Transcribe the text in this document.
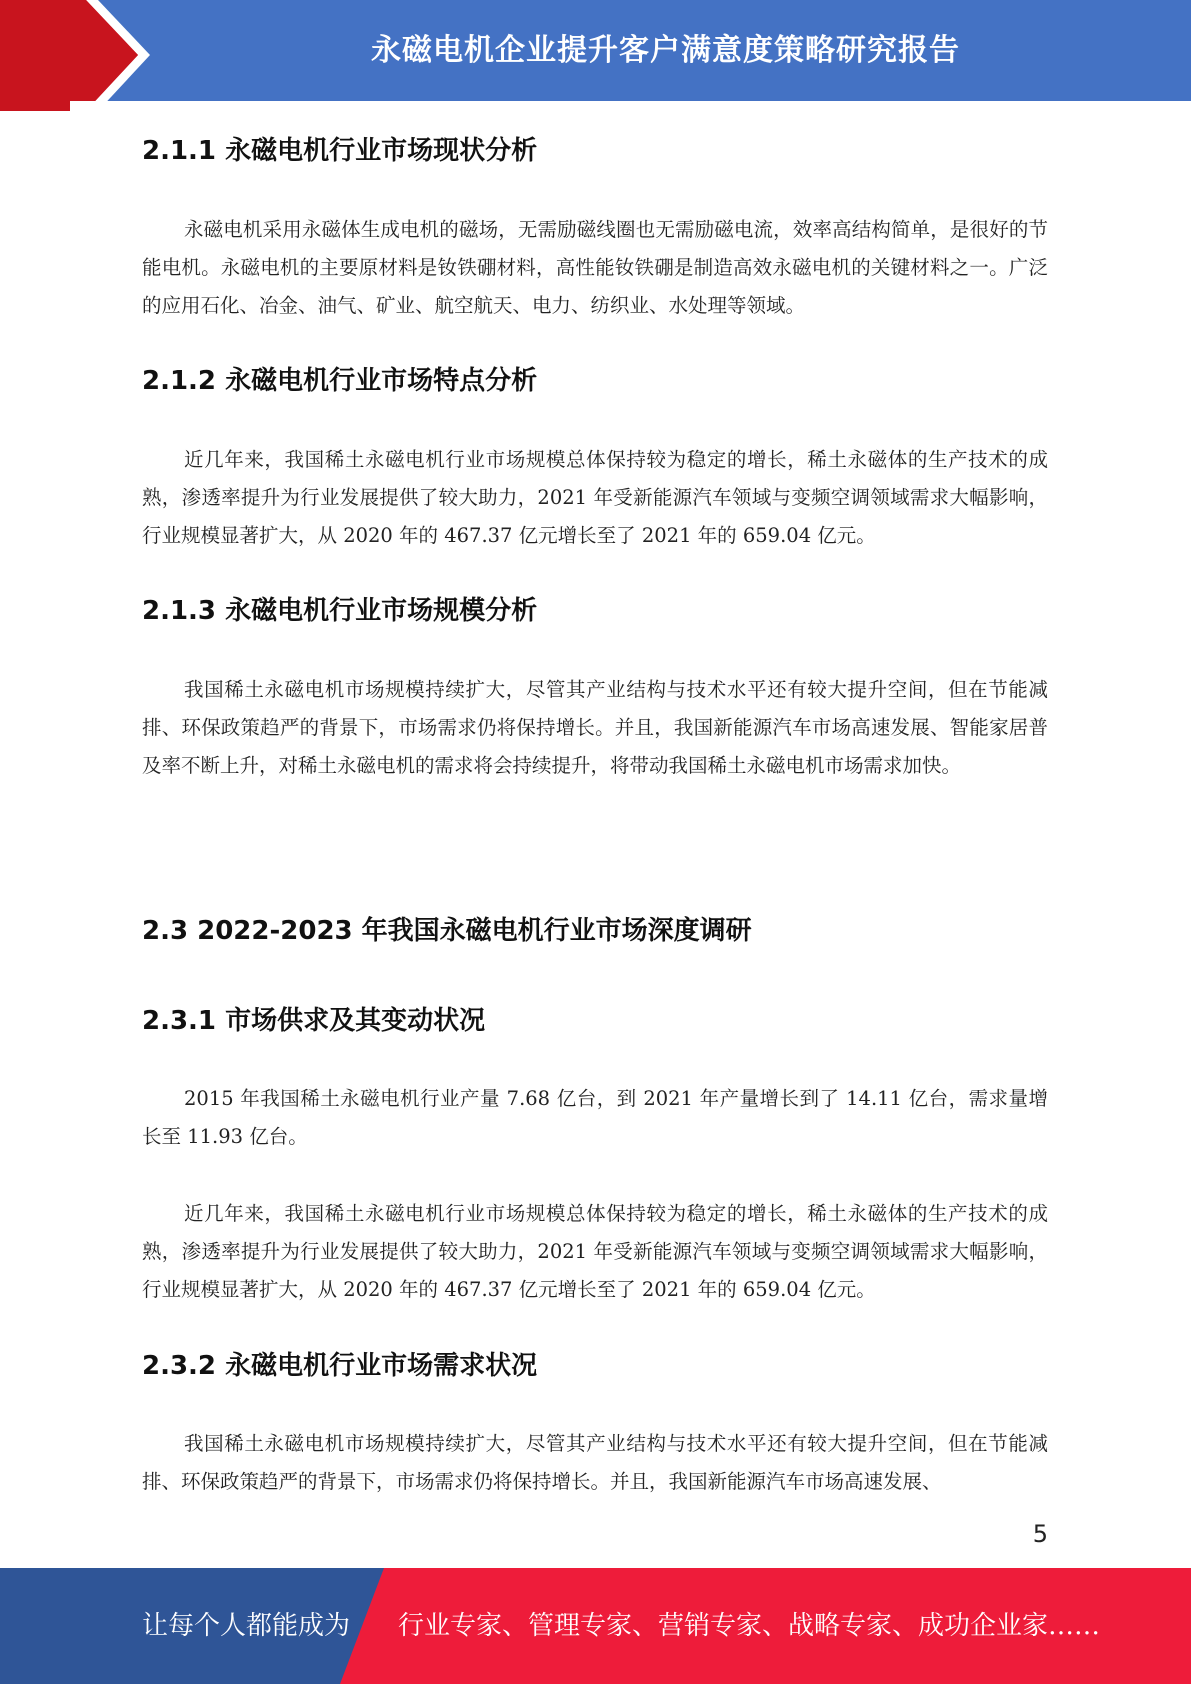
永磁电机企业提升客户满意度策略研究报告
2.1.1 永磁电机行业市场现状分析

永磁电机采用永磁体生成电机的磁场，无需励磁线圈也无需励磁电流，效率高结构简单，是很好的节能电机。永磁电机的主要原材料是钕铁硼材料，高性能钕铁硼是制造高效永磁电机的关键材料之一。广泛的应用石化、冶金、油气、矿业、航空航天、电力、纺织业、水处理等领域。

2.1.2 永磁电机行业市场特点分析

近几年来，我国稀土永磁电机行业市场规模总体保持较为稳定的增长，稀土永磁体的生产技术的成熟，渗透率提升为行业发展提供了较大助力，2021 年受新能源汽车领域与变频空调领域需求大幅影响，行业规模显著扩大，从 2020 年的 467.37 亿元增长至了 2021 年的 659.04 亿元。

2.1.3 永磁电机行业市场规模分析

我国稀土永磁电机市场规模持续扩大，尽管其产业结构与技术水平还有较大提升空间，但在节能减排、环保政策趋严的背景下，市场需求仍将保持增长。并且，我国新能源汽车市场高速发展、智能家居普及率不断上升，对稀土永磁电机的需求将会持续提升，将带动我国稀土永磁电机市场需求加快。

2.3 2022-2023 年我国永磁电机行业市场深度调研
2.3.1 市场供求及其变动状况

2015 年我国稀土永磁电机行业产量 7.68 亿台，到 2021 年产量增长到了 14.11 亿台，需求量增长至 11.93 亿台。

近几年来，我国稀土永磁电机行业市场规模总体保持较为稳定的增长，稀土永磁体的生产技术的成熟，渗透率提升为行业发展提供了较大助力，2021 年受新能源汽车领域与变频空调领域需求大幅影响，行业规模显著扩大，从 2020 年的 467.37 亿元增长至了 2021 年的 659.04 亿元。

2.3.2 永磁电机行业市场需求状况

我国稀土永磁电机市场规模持续扩大，尽管其产业结构与技术水平还有较大提升空间，但在节能减排、环保政策趋严的背景下，市场需求仍将保持增长。并且，我国新能源汽车市场高速发展、

5
让每个人都能成为 行业专家、管理专家、营销专家、战略专家、成功企业家……
